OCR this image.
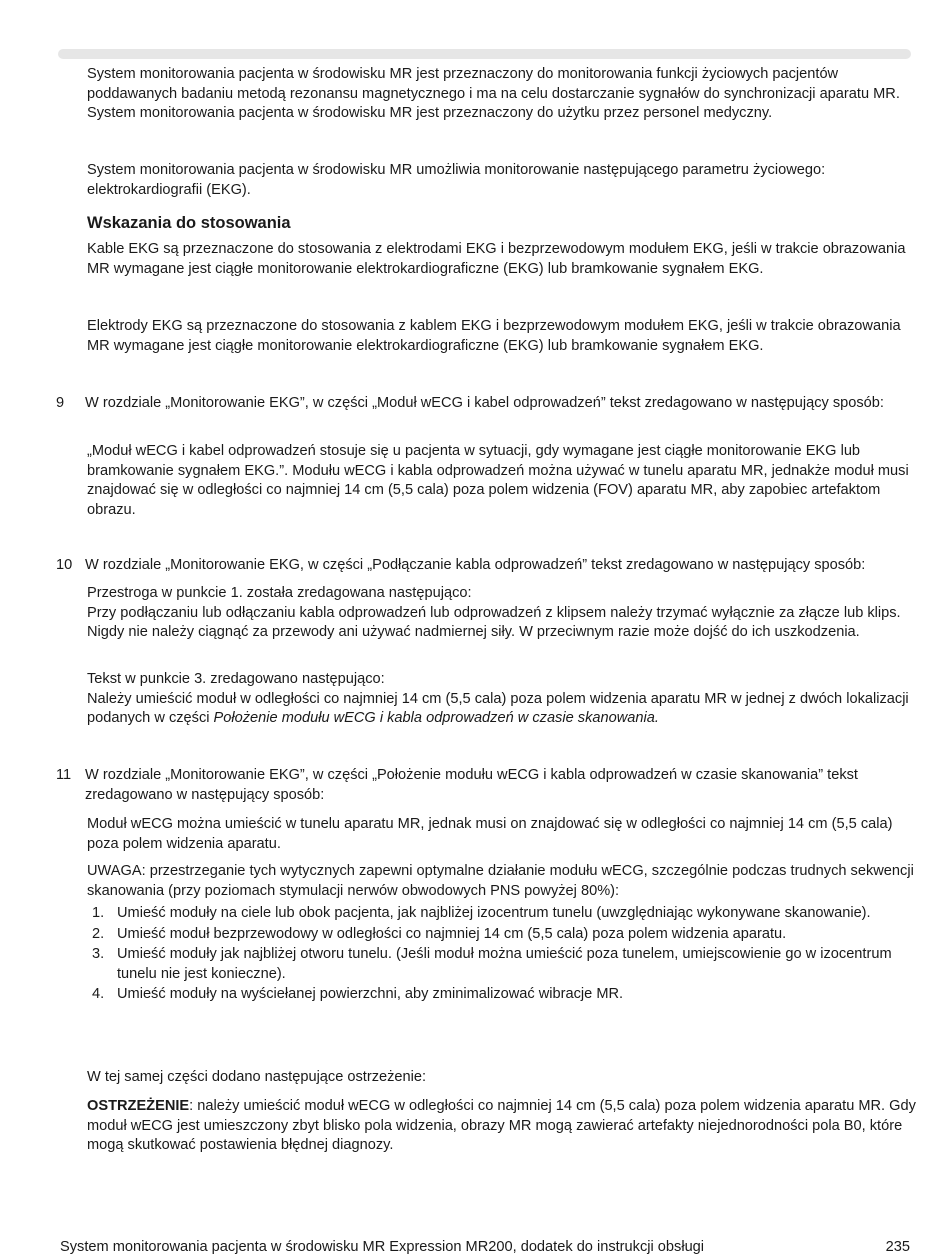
System monitorowania pacjenta w środowisku MR jest przeznaczony do monitorowania funkcji życiowych pacjentów poddawanych badaniu metodą rezonansu magnetycznego i ma na celu dostarczanie sygnałów do synchronizacji aparatu MR. System monitorowania pacjenta w środowisku MR jest przeznaczony do użytku przez personel medyczny.

System monitorowania pacjenta w środowisku MR umożliwia monitorowanie następującego parametru życiowego: elektrokardiografii (EKG).

Wskazania do stosowania

Kable EKG są przeznaczone do stosowania z elektrodami EKG i bezprzewodowym modułem EKG, jeśli w trakcie obrazowania MR wymagane jest ciągłe monitorowanie elektrokardiograficzne (EKG) lub bramkowanie sygnałem EKG.

Elektrody EKG są przeznaczone do stosowania z kablem EKG i bezprzewodowym modułem EKG, jeśli w trakcie obrazowania MR wymagane jest ciągłe monitorowanie elektrokardiograficzne (EKG) lub bramkowanie sygnałem EKG.

9 W rozdziale „Monitorowanie EKG”, w części „Moduł wECG i kabel odprowadzeń” tekst zredagowano w następujący sposób:

„Moduł wECG i kabel odprowadzeń stosuje się u pacjenta w sytuacji, gdy wymagane jest ciągłe monitorowanie EKG lub bramkowanie sygnałem EKG.”. Modułu wECG i kabla odprowadzeń można używać w tunelu aparatu MR, jednakże moduł musi znajdować się w odległości co najmniej 14 cm (5,5 cala) poza polem widzenia (FOV) aparatu MR, aby zapobiec artefaktom obrazu.

10 W rozdziale „Monitorowanie EKG, w części „Podłączanie kabla odprowadzeń” tekst zredagowano w następujący sposób:

Przestroga w punkcie 1. została zredagowana następująco:
Przy podłączaniu lub odłączaniu kabla odprowadzeń lub odprowadzeń z klipsem należy trzymać wyłącznie za złącze lub klips. Nigdy nie należy ciągnąć za przewody ani używać nadmiernej siły. W przeciwnym razie może dojść do ich uszkodzenia.
Tekst w punkcie 3. zredagowano następująco:
Należy umieścić moduł w odległości co najmniej 14 cm (5,5 cala) poza polem widzenia aparatu MR w jednej z dwóch lokalizacji podanych w części Położenie modułu wECG i kabla odprowadzeń w czasie skanowania.
11 W rozdziale „Monitorowanie EKG”, w części „Położenie modułu wECG i kabla odprowadzeń w czasie skanowania” tekst zredagowano w następujący sposób:

Moduł wECG można umieścić w tunelu aparatu MR, jednak musi on znajdować się w odległości co najmniej 14 cm (5,5 cala) poza polem widzenia aparatu.

UWAGA: przestrzeganie tych wytycznych zapewni optymalne działanie modułu wECG, szczególnie podczas trudnych sekwencji skanowania (przy poziomach stymulacji nerwów obwodowych PNS powyżej 80%):

1. Umieść moduły na ciele lub obok pacjenta, jak najbliżej izocentrum tunelu (uwzględniając wykonywane skanowanie).
2. Umieść moduł bezprzewodowy w odległości co najmniej 14 cm (5,5 cala) poza polem widzenia aparatu.
3. Umieść moduły jak najbliżej otworu tunelu. (Jeśli moduł można umieścić poza tunelem, umiejscowienie go w izocentrum tunelu nie jest konieczne).
4. Umieść moduły na wyściełanej powierzchni, aby zminimalizować wibracje MR.

W tej samej części dodano następujące ostrzeżenie:

OSTRZEŻENIE: należy umieścić moduł wECG w odległości co najmniej 14 cm (5,5 cala) poza polem widzenia aparatu MR. Gdy moduł wECG jest umieszczony zbyt blisko pola widzenia, obrazy MR mogą zawierać artefakty niejednorodności pola B0, które mogą skutkować postawienia błędnej diagnozy.

System monitorowania pacjenta w środowisku MR Expression MR200, dodatek do instrukcji obsługi	235
